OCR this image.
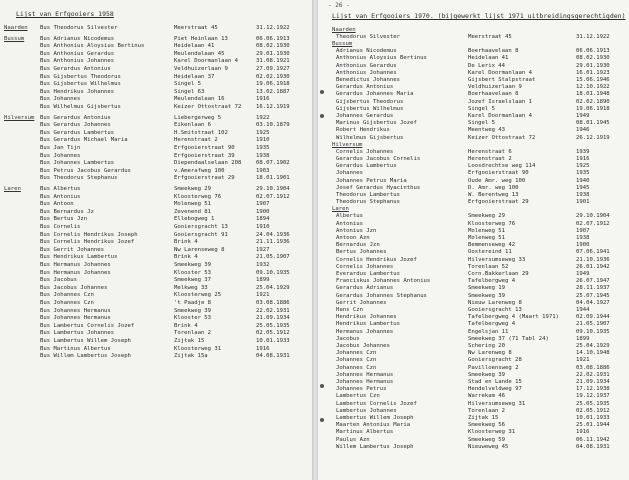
Lijst van Erfgooiers 1958
Naarden Bus Theodorus Silvester	Meerstraat 45	31.12.1922
Bussum	Bus Adrianus Nicodemus	Piet Heinlaan 13	06.06.1913
Bus Anthonius Aloysius Bertinus	Heidelaan 41	08.02.1930
Bus Anthonius Gerardus	Meulendalaan 45	29.01.1930
Bus Anthonius Johannes	Karel Doormanlaan 4	31.08.1921
Bus Gerardus Antonius	Veldhuizerlaan 9	27.09.1927
Bus Gijsbertus Theodorus	Heidelaan 37	02.02.1930
Bus Gijsbertus Wilhelmus	Singel 5	19.06.1918
Bus Hendrikus Johannes	Singel 63	13.02.1887
Bus Johannes	Meulendalaan 16	1916
Bus Wilhelmus Gijsbertus	Keizer Ottostraat 72	16.12.1919
Hilversum Bus Gerardus Antonius	Liebergerweg 5	1922
Bus Gerardus Johannes	Eikenlaan 6	03.10.1879
Bus Gerardus Lambertus	H.Smitstraat 102	1925
Bus Gerardus Michael Maria	Herenstraat 2	1910
Bus Jan Tijn	Erfgooierstraat 90	1935
Bus Johannes	Erfgooierstraat 39	1938
Bus Johannes Lambertus	Diependaalselaan 208	08.07.1902
Bus Petrus Jacobus Gerardus	v.Amerafweg 100	1903
Bus Theodorus Stephanus	Erfgooierstraat 29	18.01.1901
Laren	Bus Albertus	Smeekweg 29	29.10.1904
Bus Antonius	Kloosterweg 76	02.07.1912
Bus Antoon	Molenweg 51	1907
Bus Bernardus Jz	Zevenend 81	1900
Bus Bertus Jzn	Ellebogweg 1	1894
Bus Cornelis	Gooiersgracht 13	1910
Bus Cornelis Hendrikus Joseph	Gooiersgracht 91	24.04.1936
Bus Cornelis Hendrikus Jozef	Brink 4	21.11.1936
Bus Gerrit Johannes	Nw Larenseweg 8	1927
Bus Hendrikus Lambertus	Brink 4	21.05.1907
Bus Hermanus Johannes	Smeekweg 39	1932
Bus Hermanus Johannes	Klooster 53	09.10.1935
Bus Jacobus	Smeekweg 37	1899
Bus Jacobus Johannes	Melkweg 33	25.04.1929
Bus Johannes Czn	Kloosterweg 25	1921
Bus Johannes Czn	't Paadje 8	03.08.1886
Bus Johannes Hermanus	Smeekweg 39	22.02.1931
Bus Johannes Hermanus	Klooster 53	21.09.1934
Bus Lambertus Cornelis Jozef	Brink 4	25.05.1935
Bus Lambertus Johannes	Torenlaan 2	02.05.1912
Bus Lambertus Willem Joseph	Zijtak 15	10.01.1933
Bus Martinus Albertus	Kloosterweg 31	1916
Bus Willem Lambertus Joseph	Zijtak 15a	04.08.1931
- 26 -
Lijst van Erfgooiers 1970. (bijgewerkt lijst 1971 uitbreidingsgerechtigden)
Naarden
Theodorus Silvester	Meerstraat 45	31.12.1922
Bussum
Adrianus Nicodemus	Boerhaavelaan 8	06.06.1913
Anthonius Aloysius Bertinus	Heidelaan 41	08.02.1930
Anthonius Gerardus	De Lerix 44	29.01.1930
Anthonius Johannes	Karel Doormanlaan 4	16.01.1923
Benedictus Johannes	Gijsbert Stalpstraat	15.06.1946
Gerardus Antonius	Veldhuizerlaan 9	12.10.1922
Gerardus Johannes Maria	Boerhaavelaan 8	18.01.1948
Gijsbertus Theodorus	Jozef Israelslaan 1	02.02.1890
Gijsbertus Wilhelmus	Singel 5	19.06.1918
Johannes Gerardus	Karel Doormanlaan 4	1949
Marinus Gijsbertus Jozef	Singel 5	08.01.1945
Robert Hendrikus	Meentweg 43	1946
Wilhelmus Gijsbertus	Keizer Ottostraat 72	26.12.1919
Hilversum
Cornelis Johannes	Herenstraat 6	1939
Gerardus Jacobus Cornelis	Herenstraat 2	1916
Gerardus Lambertus	Loosdrechtse weg 114	1925
Johannes	Erfgooierstraat 90	1935
Johannes Petrus Maria	Oude Amr. weg 100	1940
Josef Gerardus Hyacinthus	D. Amr. weg 100	1945
Theodorus Lambertus	W. Berentweg 13	1938
Theodorus Stephanus	Erfgooierstraat 29	1901
Laren
Albertus	Smeekweg 29	29.10.1904
Antonius	Kloosterweg 76	02.07.1912
Antonius Jzn	Molenweg 51	1907
Antoon Azn	Molenweg 51	1938
Bernardus Jzn	Bemmenseweg 42	1900
Bertus Johannes	Oostereind 11	07.06.1941
Cornelis Hendrikus Jozef	Hilversumseweg 33	21.10.1936
Cornelis Johannes	Torenlaan 52	26.01.1942
Everardus Lambertus	Corn.Bakkerlaan 29	1949
Franciskus Johannes Antonius	Tafelbergweg 4	26.07.1947
Gerardus Adrianus	Smeekweg 19	28.11.1937
Gerardus Johannes Stephanus	Smeekweg 39	25.07.1945
Gerrit Johannes	Nieuw Larenweg 8	04.04.1927
Hans Czn	Gooiersgracht 13	1944
Hendrikus Johannes	Tafelbergweg 4 (Maart 1971)	02.09.1944
Hendrikus Lambertus	Tafelbergweg 4	21.05.1907
Hermanus Johannes	Engelsjan 11	09.10.1935
Jacobus	Smeekweg 37 (71 Tabl 24)	1899
Jacobus Johannes	Schering 20	25.04.1929
Johannes Czn	Nw Larenweg 8	14.10.1948
Johannes Czn	Gooiersgracht 28	1921
Johannes Czn	Pavilloensweg 2	03.08.1886
Johannes Hermanus	Smeekweg 39	22.02.1931
Johannes Hermanus	Stad en Lande 15	21.09.1934
Johannes Petrus	Hendelveldweg 97	17.12.1938
Lambertus Czn	Warrekam 46	19.12.1937
Lambertus Cornelis Jozef	Hilversumseweg 31	25.05.1935
Lambertus Johannes	Torenlaan 2	02.05.1912
Lambertus Willem Joseph	Zijtak 15	10.01.1933
Maarten Antonius Maria	Smeekweg 56	25.01.1944
Martinus Albertus	Kloosterweg 31	1916
Paulus Azn	Smeekweg 59	06.11.1942
Willem Lambertus Joseph	Nieuweweg 45	04.08.1931
